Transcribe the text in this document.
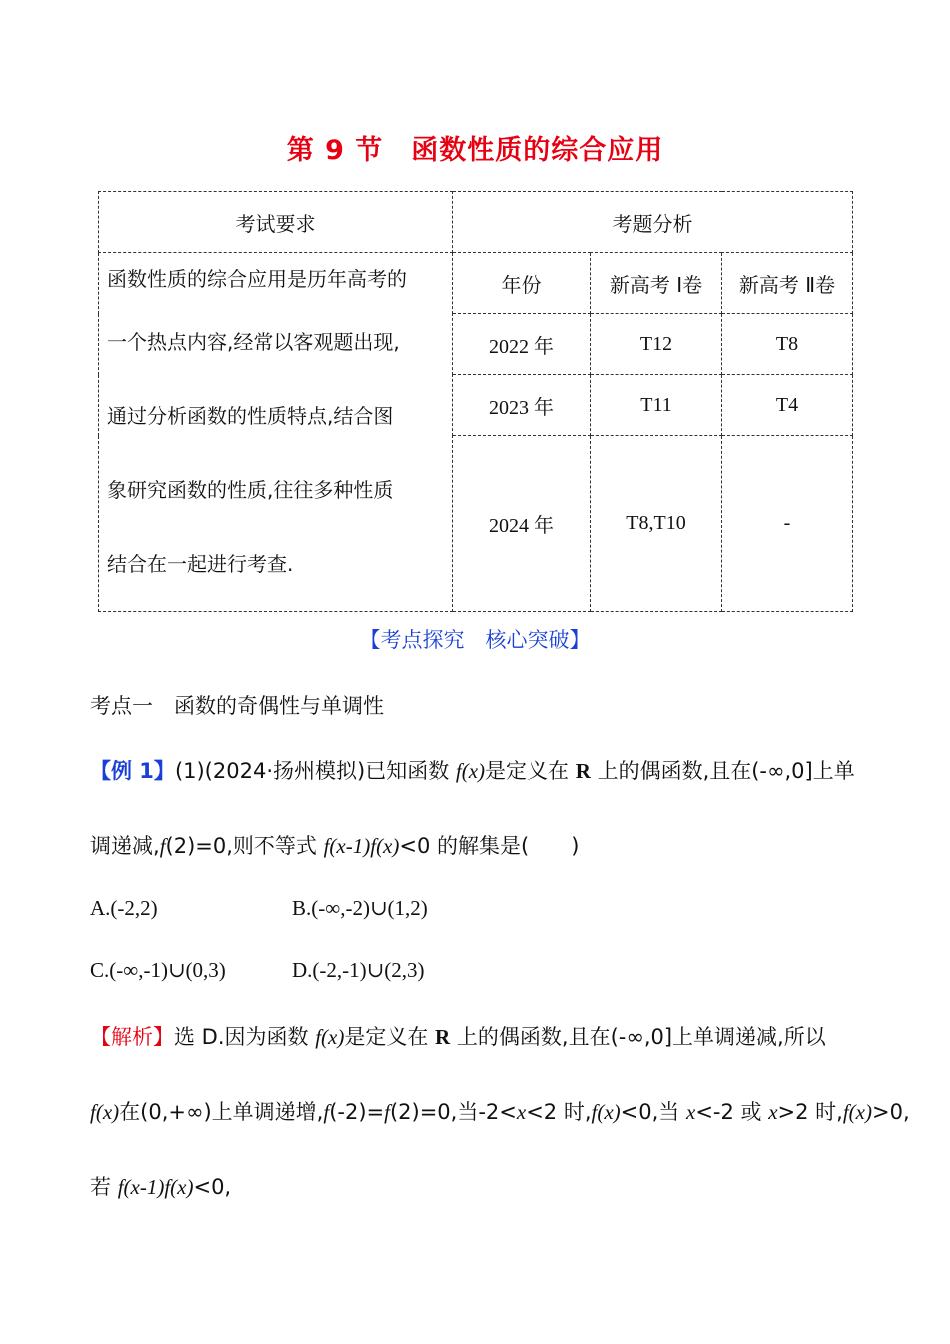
第 9 节　函数性质的综合应用
考试要求	考题分析		

函数性质的综合应用是历年高考的
一个热点内容,经常以客观题出现,
通过分析函数的性质特点,结合图
象研究函数的性质,往往多种性质
结合在一起进行考查.	年份	新高考 Ⅰ卷	新高考 Ⅱ卷
	2022 年	T12	T8
	2023 年	T11	T4
	2024 年	T8,T10	-
【考点探究　核心突破】
考点一　函数的奇偶性与单调性
【例 1】(1)(2024·扬州模拟)已知函数 f(x)是定义在 R 上的偶函数,且在(-∞,0]上单
调递减,f(2)=0,则不等式 f(x-1)f(x)<0 的解集是(　　)
A.(-2,2)	B.(-∞,-2)∪(1,2)
C.(-∞,-1)∪(0,3)	D.(-2,-1)∪(2,3)
【解析】选 D.因为函数 f(x)是定义在 R 上的偶函数,且在(-∞,0]上单调递减,所以
f(x)在(0,+∞)上单调递增,f(-2)=f(2)=0,当-2<x<2 时,f(x)<0,当 x<-2 或 x>2 时,f(x)>0,
若 f(x-1)f(x)<0,
